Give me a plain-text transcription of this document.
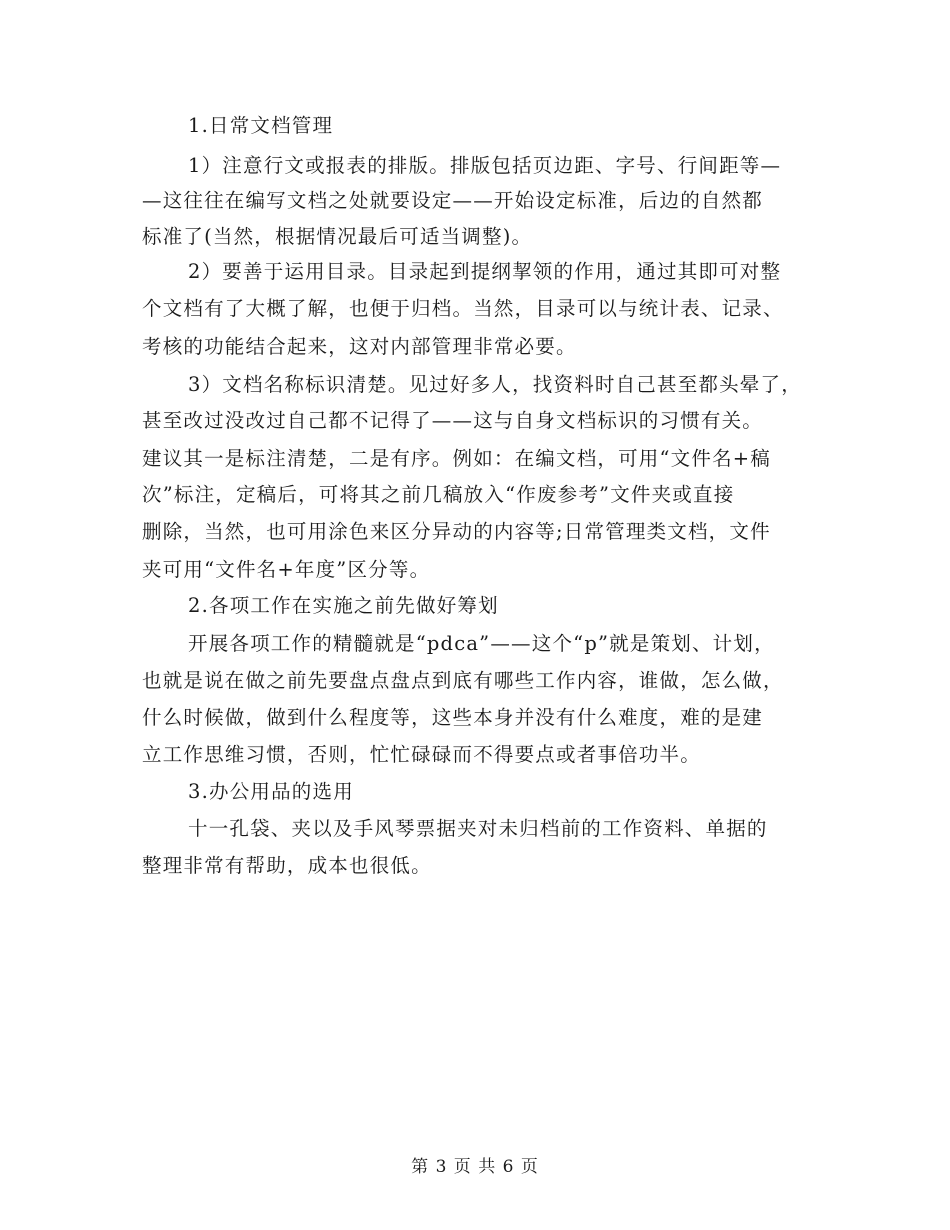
1.日常文档管理
1）注意行文或报表的排版。排版包括页边距、字号、行间距等—
—这往往在编写文档之处就要设定——开始设定标准，后边的自然都
标准了(当然，根据情况最后可适当调整)。
2）要善于运用目录。目录起到提纲挈领的作用，通过其即可对整
个文档有了大概了解，也便于归档。当然，目录可以与统计表、记录、
考核的功能结合起来，这对内部管理非常必要。
3）文档名称标识清楚。见过好多人，找资料时自己甚至都头晕了，
甚至改过没改过自己都不记得了——这与自身文档标识的习惯有关。
建议其一是标注清楚，二是有序。例如：在编文档，可用“文件名+稿
次”标注，定稿后，可将其之前几稿放入“作废参考”文件夹或直接
删除，当然，也可用涂色来区分异动的内容等;日常管理类文档，文件
夹可用“文件名+年度”区分等。
2.各项工作在实施之前先做好筹划
开展各项工作的精髓就是“pdca”——这个“p”就是策划、计划，
也就是说在做之前先要盘点盘点到底有哪些工作内容，谁做，怎么做，
什么时候做，做到什么程度等，这些本身并没有什么难度，难的是建
立工作思维习惯，否则，忙忙碌碌而不得要点或者事倍功半。
3.办公用品的选用
十一孔袋、夹以及手风琴票据夹对未归档前的工作资料、单据的
整理非常有帮助，成本也很低。
第 3 页 共 6 页
